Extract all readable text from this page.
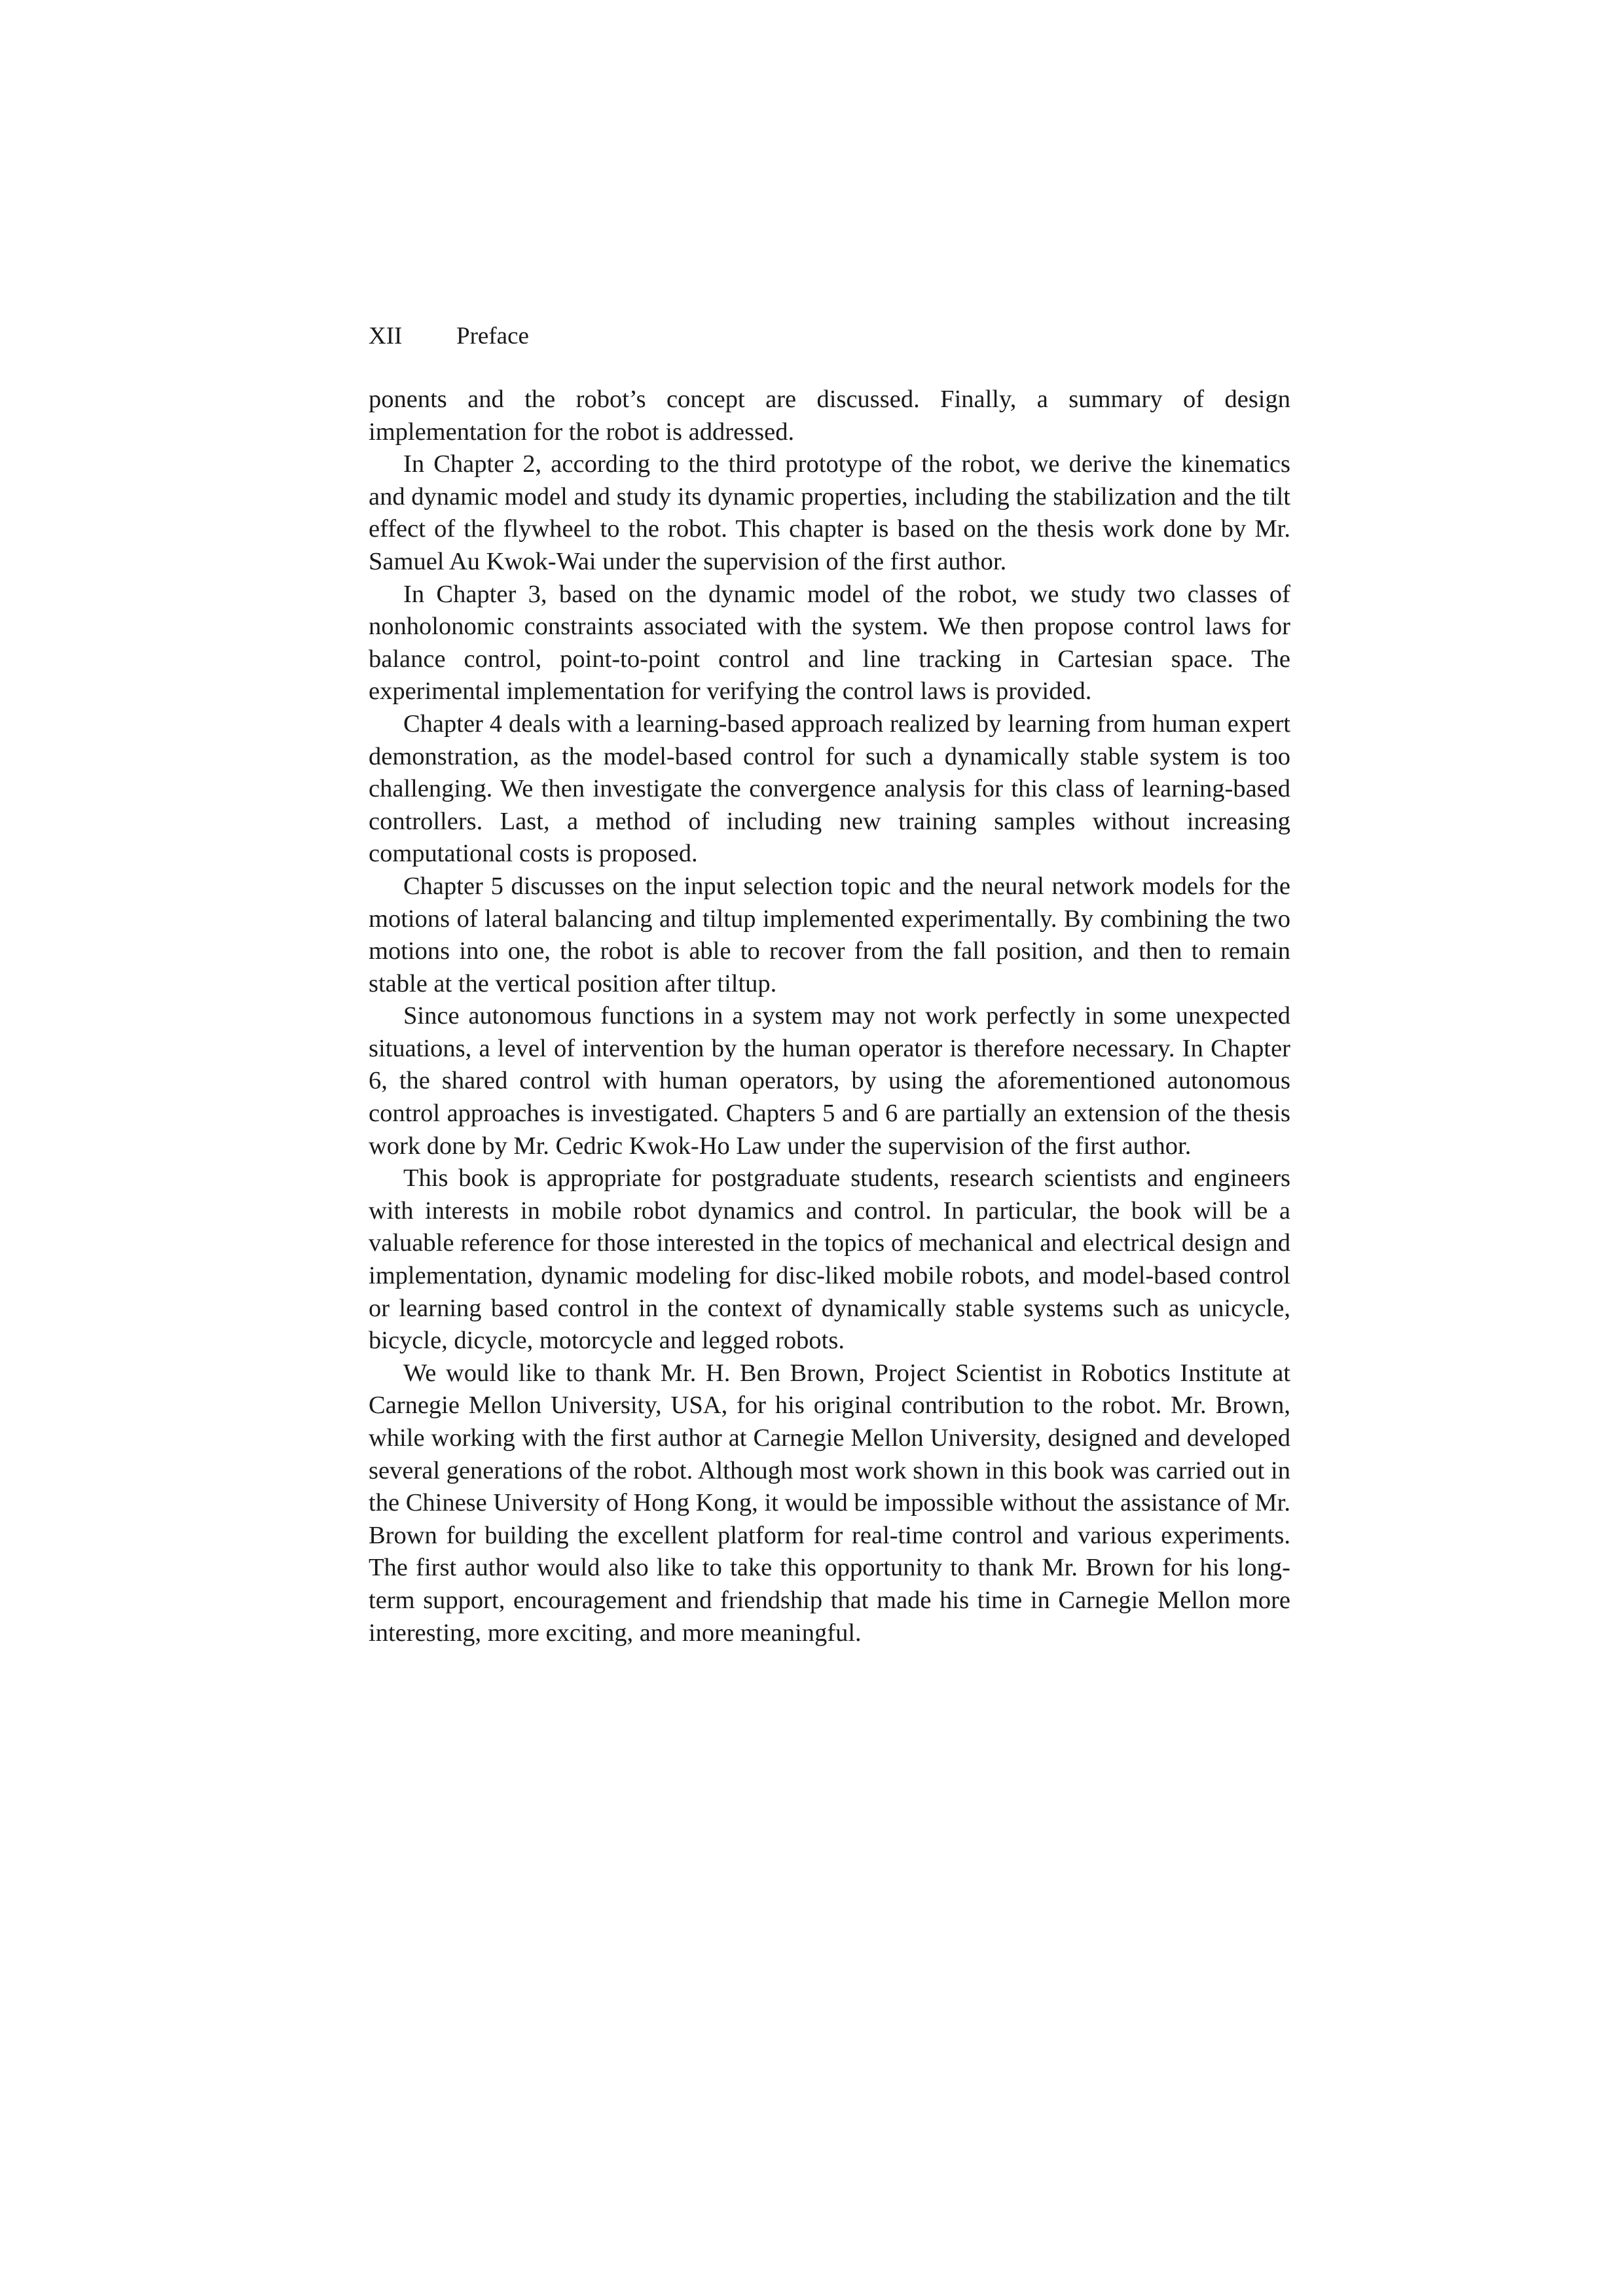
XII Preface

ponents and the robot’s concept are discussed. Finally, a summary of design implementation for the robot is addressed.

In Chapter 2, according to the third prototype of the robot, we derive the kinematics and dynamic model and study its dynamic properties, including the stabilization and the tilt effect of the flywheel to the robot. This chapter is based on the thesis work done by Mr. Samuel Au Kwok-Wai under the supervision of the first author.

In Chapter 3, based on the dynamic model of the robot, we study two classes of nonholonomic constraints associated with the system. We then propose control laws for balance control, point-to-point control and line tracking in Cartesian space. The experimental implementation for verifying the control laws is provided.

Chapter 4 deals with a learning-based approach realized by learning from human expert demonstration, as the model-based control for such a dynamically stable system is too challenging. We then investigate the convergence analysis for this class of learning-based controllers. Last, a method of including new training samples without increasing computational costs is proposed.

Chapter 5 discusses on the input selection topic and the neural network models for the motions of lateral balancing and tiltup implemented experimentally. By combining the two motions into one, the robot is able to recover from the fall position, and then to remain stable at the vertical position after tiltup.

Since autonomous functions in a system may not work perfectly in some unexpected situations, a level of intervention by the human operator is therefore necessary. In Chapter 6, the shared control with human operators, by using the aforementioned autonomous control approaches is investigated. Chapters 5 and 6 are partially an extension of the thesis work done by Mr. Cedric Kwok-Ho Law under the supervision of the first author.

This book is appropriate for postgraduate students, research scientists and engineers with interests in mobile robot dynamics and control. In particular, the book will be a valuable reference for those interested in the topics of mechanical and electrical design and implementation, dynamic modeling for disc-liked mobile robots, and model-based control or learning based control in the context of dynamically stable systems such as unicycle, bicycle, dicycle, motorcycle and legged robots.

We would like to thank Mr. H. Ben Brown, Project Scientist in Robotics Institute at Carnegie Mellon University, USA, for his original contribution to the robot. Mr. Brown, while working with the first author at Carnegie Mellon University, designed and developed several generations of the robot. Although most work shown in this book was carried out in the Chinese University of Hong Kong, it would be impossible without the assistance of Mr. Brown for building the excellent platform for real-time control and various experiments. The first author would also like to take this opportunity to thank Mr. Brown for his long-term support, encouragement and friendship that made his time in Carnegie Mellon more interesting, more exciting, and more meaningful.
